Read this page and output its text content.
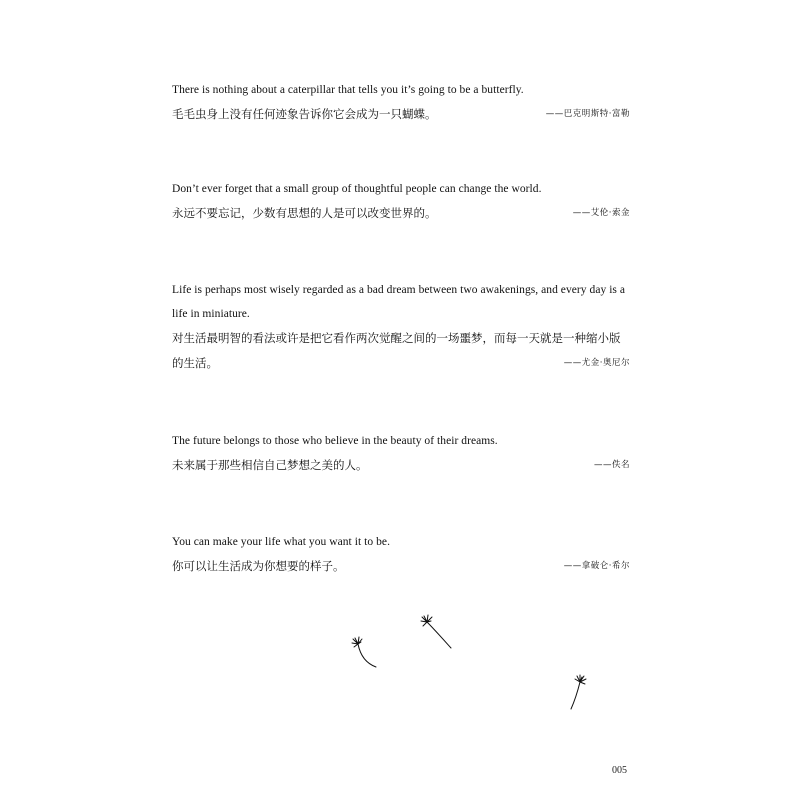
There is nothing about a caterpillar that tells you it’s going to be a butterfly.

毛毛虫身上没有任何迹象告诉你它会成为一只蝴蝶。	——巴克明斯特·富勒

Don’t ever forget that a small group of thoughtful people can change the world.

永远不要忘记，少数有思想的人是可以改变世界的。	——艾伦·索金

Life is perhaps most wisely regarded as a bad dream between two awakenings, and every day is a life in miniature.

对生活最明智的看法或许是把它看作两次觉醒之间的一场噩梦，而每一天就是一种缩小版的生活。	——尤金·奥尼尔

The future belongs to those who believe in the beauty of their dreams.

未来属于那些相信自己梦想之美的人。	——佚名

You can make your life what you want it to be.

你可以让生活成为你想要的样子。	——拿破仑·希尔
005
